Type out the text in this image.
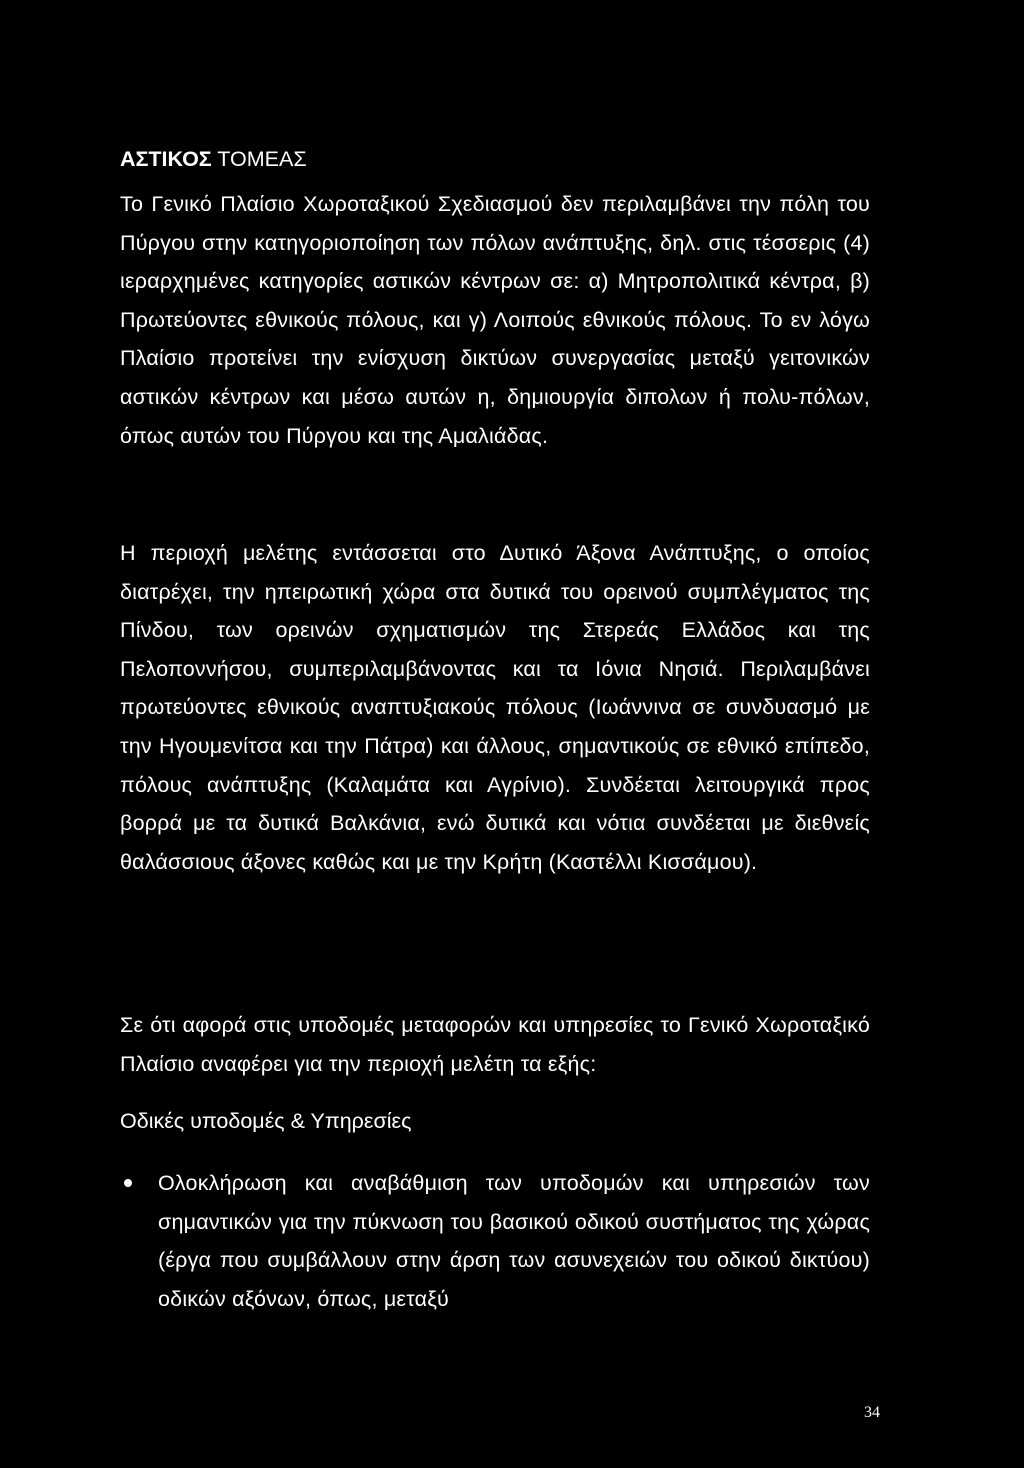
ΑΣΤΙΚΟΣ ΤΟΜΕΑΣ
Το Γενικό Πλαίσιο Χωροταξικού Σχεδιασμού δεν περιλαμβάνει την πόλη του Πύργου στην κατηγοριοποίηση των πόλων ανάπτυξης, δηλ. στις τέσσερις (4) ιεραρχημένες κατηγορίες αστικών κέντρων σε: α) Μητροπολιτικά κέντρα, β) Πρωτεύοντες εθνικούς πόλους, και γ) Λοιπούς εθνικούς πόλους. Το εν λόγω Πλαίσιο προτείνει την ενίσχυση δικτύων συνεργασίας μεταξύ γειτονικών αστικών κέντρων και μέσω αυτών η, δημιουργία διπολων ή πολυ-πόλων, όπως αυτών του Πύργου και της Αμαλιάδας.
Η περιοχή μελέτης εντάσσεται στο Δυτικό Άξονα Ανάπτυξης, ο οποίος διατρέχει, την ηπειρωτική χώρα στα δυτικά του ορεινού συμπλέγματος της Πίνδου, των ορεινών σχηματισμών της Στερεάς Ελλάδος και της Πελοποννήσου, συμπεριλαμβάνοντας και τα Ιόνια Νησιά. Περιλαμβάνει πρωτεύοντες εθνικούς αναπτυξιακούς πόλους (Ιωάννινα σε συνδυασμό με την Ηγουμενίτσα και την Πάτρα) και άλλους, σημαντικούς σε εθνικό επίπεδο, πόλους ανάπτυξης (Καλαμάτα και Αγρίνιο). Συνδέεται λειτουργικά προς βορρά με τα δυτικά Βαλκάνια, ενώ δυτικά και νότια συνδέεται με διεθνείς θαλάσσιους άξονες καθώς και με την Κρήτη (Καστέλλι Κισσάμου).
Σε ότι αφορά στις υποδομές μεταφορών και υπηρεσίες το Γενικό Χωροταξικό Πλαίσιο αναφέρει για την περιοχή μελέτη τα εξής:
Οδικές υποδομές & Υπηρεσίες
Ολοκλήρωση και αναβάθμιση των υποδομών και υπηρεσιών των σημαντικών για την πύκνωση του βασικού οδικού συστήματος της χώρας (έργα που συμβάλλουν στην άρση των ασυνεχειών του οδικού δικτύου) οδικών αξόνων, όπως, μεταξύ
34
